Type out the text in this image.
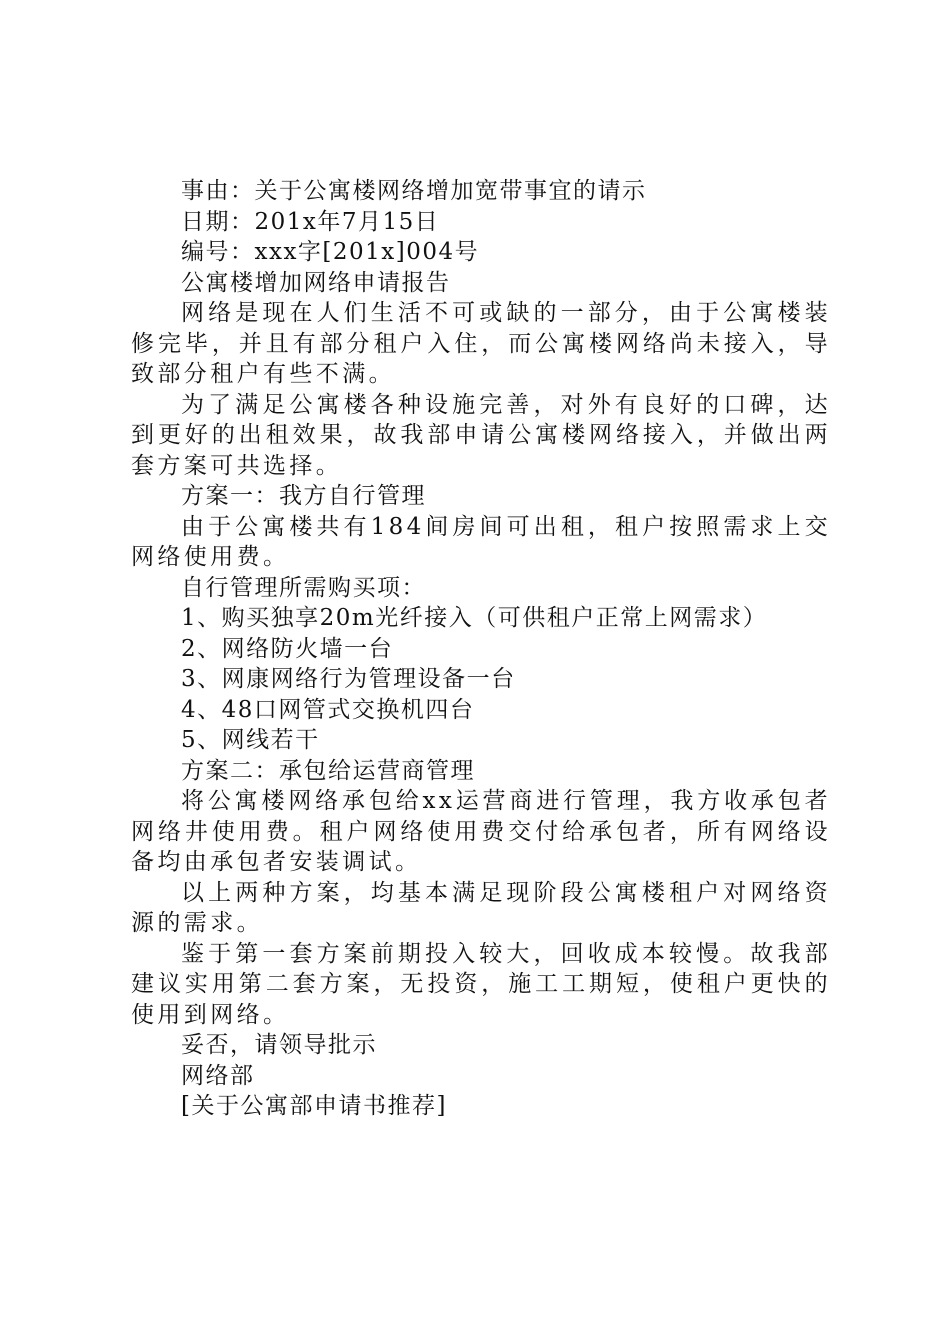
事由：关于公寓楼网络增加宽带事宜的请示

日期：201x年7月15日

编号：xxx字[201x]004号

公寓楼增加网络申请报告

网络是现在人们生活不可或缺的一部分，由于公寓楼装修完毕，并且有部分租户入住，而公寓楼网络尚未接入，导致部分租户有些不满。

为了满足公寓楼各种设施完善，对外有良好的口碑，达到更好的出租效果，故我部申请公寓楼网络接入，并做出两套方案可共选择。

方案一：我方自行管理

由于公寓楼共有184间房间可出租，租户按照需求上交网络使用费。

自行管理所需购买项：

1、购买独享20m光纤接入（可供租户正常上网需求）

2、网络防火墙一台

3、网康网络行为管理设备一台

4、48口网管式交换机四台

5、网线若干

方案二：承包给运营商管理

将公寓楼网络承包给xx运营商进行管理，我方收承包者网络井使用费。租户网络使用费交付给承包者，所有网络设备均由承包者安装调试。

以上两种方案，均基本满足现阶段公寓楼租户对网络资源的需求。

鉴于第一套方案前期投入较大，回收成本较慢。故我部建议实用第二套方案，无投资，施工工期短，使租户更快的使用到网络。

妥否，请领导批示

网络部

[关于公寓部申请书推荐]
